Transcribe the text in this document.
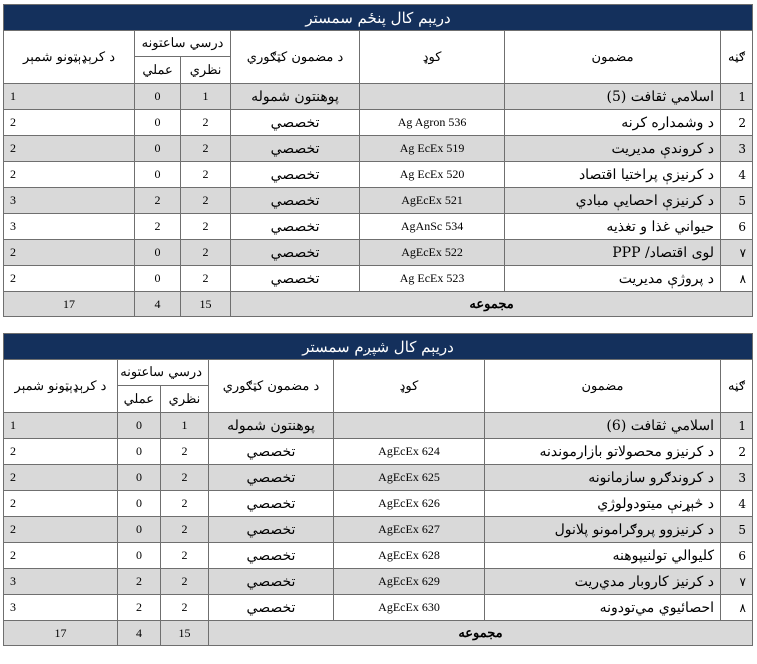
دریېم کال پنځم سمستر						
ګڼه	مضمون	کوډ	د مضمون کټګوري	درسي ساعتونه		د کرېډېټونو شمېر
				نظري	عملي	
1	اسلامي ثقافت (5)		پوهنتون شموله	1	0	1
2	د وشمداره کرنه	Ag Agron 536	تخصصي	2	0	2
3	د کروندې مدیریت	Ag EcEx 519	تخصصي	2	0	2
4	د کرنیزې پراختیا اقتصاد	Ag EcEx 520	تخصصي	2	0	2
5	د کرنیزې احصایې مبادي	AgEcEx 521	تخصصي	2	2	3
6	حیواني غذا و تغذیه	AgAnSc 534	تخصصي	2	2	3
۷	لوی اقتصاد/ PPP	AgEcEx 522	تخصصي	2	0	2
۸	د پروژې مدیریت	Ag EcEx 523	تخصصي	2	0	2
مجموعه				15	4	17
دریېم کال شپږم سمستر						
ګڼه	مضمون	کوډ	د مضمون کټګوري	درسي ساعتونه		د کرېډېټونو شمېر
				نظري	عملي	
1	اسلامي ثقافت (6)		پوهنتون شموله	1	0	1
2	د کرنیزو محصولاتو بازارموندنه	AgEcEx 624	تخصصي	2	0	2
3	د کروندګرو سازمانونه	AgEcEx 625	تخصصي	2	0	2
4	د څېړنې میتودولوژي	AgEcEx 626	تخصصي	2	0	2
5	د کرنیزوو پروګرامونو پلانول	AgEcEx 627	تخصصي	2	0	2
6	کلیوالي تولنیپوهنه	AgEcEx 628	تخصصي	2	0	2
۷	د کرنیز کاروبار مدي‌ريت	AgEcEx 629	تخصصي	2	2	3
۸	احصائيوي مي‌تودونه	AgEcEx 630	تخصصي	2	2	3
مجموعه				15	4	17
